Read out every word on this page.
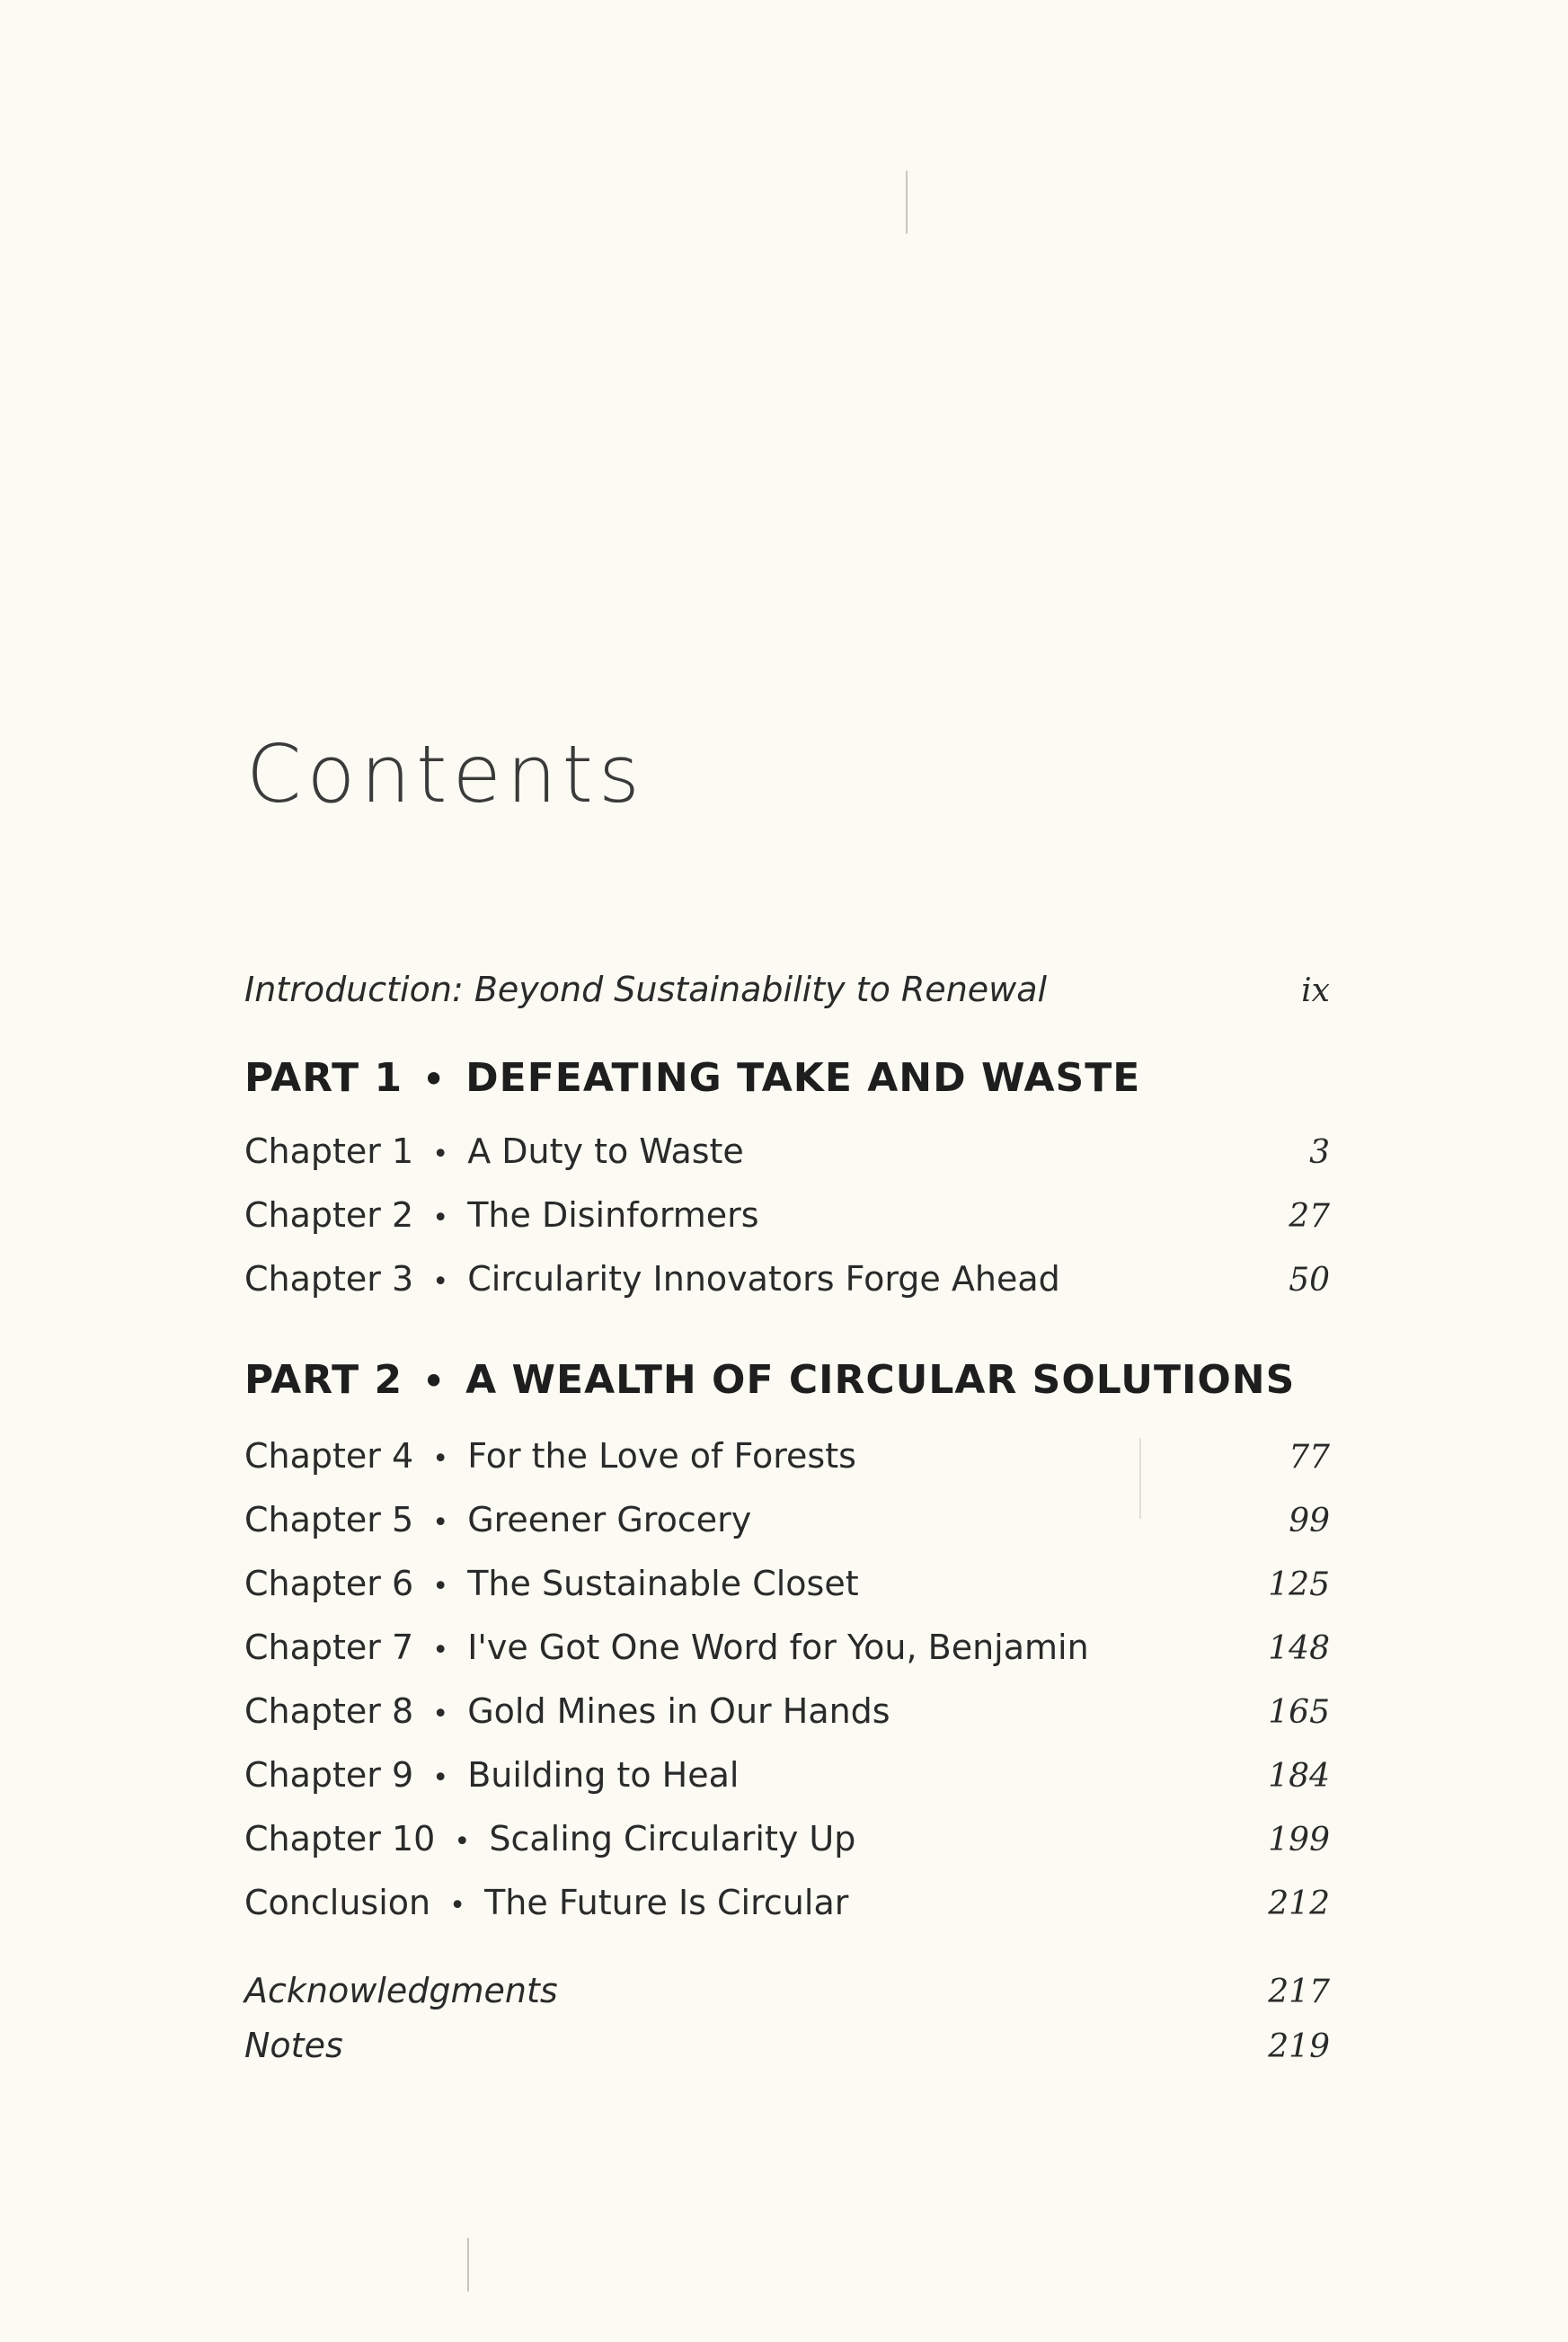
Contents
Introduction: Beyond Sustainability to Renewal	ix
PART 1 • DEFEATING TAKE AND WASTE
Chapter 1 • A Duty to Waste	3
Chapter 2 • The Disinformers	27
Chapter 3 • Circularity Innovators Forge Ahead	50
PART 2 • A WEALTH OF CIRCULAR SOLUTIONS
Chapter 4 • For the Love of Forests	77
Chapter 5 • Greener Grocery	99
Chapter 6 • The Sustainable Closet	125
Chapter 7 • I've Got One Word for You, Benjamin	148
Chapter 8 • Gold Mines in Our Hands	165
Chapter 9 • Building to Heal	184
Chapter 10 • Scaling Circularity Up	199
Conclusion • The Future Is Circular	212
Acknowledgments	217
Notes	219
